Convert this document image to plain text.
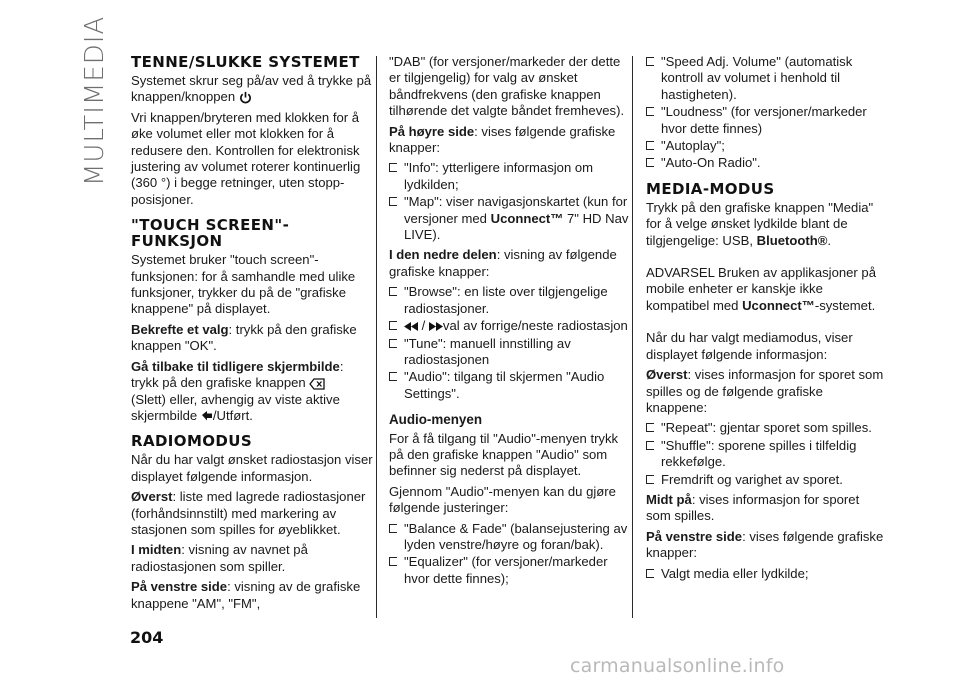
MULTIMEDIA TENNE/SLUKKE SYSTEMET

Systemet skrur seg på/av ved å trykke på knappen/knoppen

Vri knappen/bryteren med klokken for å øke volumet eller mot klokken for å redusere den. Kontrollen for elektronisk justering av volumet roterer kontinuerlig (360 °) i begge retninger, uten stopp-posisjoner.

"TOUCH SCREEN"-FUNKSJON

Systemet bruker "touch screen"-funksjonen: for å samhandle med ulike funksjoner, trykker du på de "grafiske knappene" på displayet.

Bekrefte et valg: trykk på den grafiske knappen "OK".

Gå tilbake til tidligere skjermbilde:
trykk på den grafiske knappen
(Slett) eller, avhengig av viste aktive skjermbilde /Utført.

RADIOMODUS

Når du har valgt ønsket radiostasjon viser displayet følgende informasjon.

Øverst: liste med lagrede radiostasjoner (forhåndsinnstilt) med markering av stasjonen som spilles for øyeblikket.

I midten: visning av navnet på radiostasjonen som spiller.

På venstre side: visning av de grafiske knappene "AM", "FM",

"DAB" (for versjoner/markeder der dette er tilgjengelig) for valg av ønsket båndfrekvens (den grafiske knappen tilhørende det valgte båndet fremheves).

På høyre side: vises følgende grafiske knapper:

"Info": ytterligere informasjon om lydkilden;
"Map": viser navigasjonskartet (kun for versjoner med Uconnect™ 7" HD Nav LIVE).

I den nedre delen: visning av følgende grafiske knapper:

"Browse": en liste over tilgjengelige radiostasjoner.
/ val av forrige/neste radiostasjon
"Tune": manuell innstilling av radiostasjonen
"Audio": tilgang til skjermen "Audio Settings".
Audio-menyen

For å få tilgang til "Audio"-menyen trykk på den grafiske knappen "Audio" som befinner sig nederst på displayet.

Gjennom "Audio"-menyen kan du gjøre følgende justeringer:

"Balance & Fade" (balansejustering av lyden venstre/høyre og foran/bak).
"Equalizer" (for versjoner/markeder hvor dette finnes);
"Speed Adj. Volume" (automatisk kontroll av volumet i henhold til hastigheten).
"Loudness" (for versjoner/markeder hvor dette finnes)
"Autoplay";
"Auto-On Radio".
MEDIA-MODUS

Trykk på den grafiske knappen "Media" for å velge ønsket lydkilde blant de tilgjengelige: USB, Bluetooth®.

ADVARSEL Bruken av applikasjoner på mobile enheter er kanskje ikke kompatibel med Uconnect™-systemet.

Når du har valgt mediamodus, viser displayet følgende informasjon:

Øverst: vises informasjon for sporet som spilles og de følgende grafiske knappene:

"Repeat": gjentar sporet som spilles.
"Shuffle": sporene spilles i tilfeldig rekkefølge.
Fremdrift og varighet av sporet.

Midt på: vises informasjon for sporet som spilles.

På venstre side: vises følgende grafiske knapper:

Valgt media eller lydkilde;
204
carmanualsonline.info
